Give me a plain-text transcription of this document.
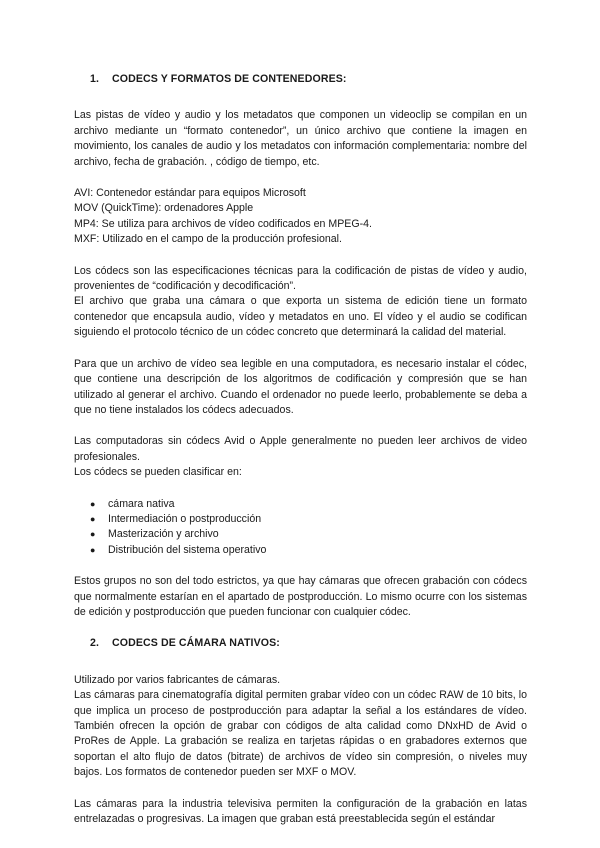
1.	CODECS Y FORMATOS DE CONTENEDORES:

Las pistas de vídeo y audio y los metadatos que componen un videoclip se compilan en un archivo mediante un “formato contenedor”, un único archivo que contiene la imagen en movimiento, los canales de audio y los metadatos con información complementaria: nombre del archivo, fecha de grabación. , código de tiempo, etc.

AVI: Contenedor estándar para equipos Microsoft
MOV (QuickTime): ordenadores Apple
MP4: Se utiliza para archivos de vídeo codificados en MPEG-4.
MXF: Utilizado en el campo de la producción profesional.

Los códecs son las especificaciones técnicas para la codificación de pistas de vídeo y audio, provenientes de “codificación y decodificación”.

El archivo que graba una cámara o que exporta un sistema de edición tiene un formato contenedor que encapsula audio, vídeo y metadatos en uno. El vídeo y el audio se codifican siguiendo el protocolo técnico de un códec concreto que determinará la calidad del material.

Para que un archivo de vídeo sea legible en una computadora, es necesario instalar el códec, que contiene una descripción de los algoritmos de codificación y compresión que se han utilizado al generar el archivo. Cuando el ordenador no puede leerlo, probablemente se deba a que no tiene instalados los códecs adecuados.

Las computadoras sin códecs Avid o Apple generalmente no pueden leer archivos de video profesionales.

Los códecs se pueden clasificar en:

●	cámara nativa
●	Intermediación o postproducción
●	Masterización y archivo
●	Distribución del sistema operativo

Estos grupos no son del todo estrictos, ya que hay cámaras que ofrecen grabación con códecs que normalmente estarían en el apartado de postproducción. Lo mismo ocurre con los sistemas de edición y postproducción que pueden funcionar con cualquier códec.

2.	CODECS DE CÁMARA NATIVOS:

Utilizado por varios fabricantes de cámaras.

Las cámaras para cinematografía digital permiten grabar vídeo con un códec RAW de 10 bits, lo que implica un proceso de postproducción para adaptar la señal a los estándares de vídeo. También ofrecen la opción de grabar con códigos de alta calidad como DNxHD de Avid o ProRes de Apple. La grabación se realiza en tarjetas rápidas o en grabadores externos que soportan el alto flujo de datos (bitrate) de archivos de vídeo sin compresión, o niveles muy bajos. Los formatos de contenedor pueden ser MXF o MOV.

Las cámaras para la industria televisiva permiten la configuración de la grabación en latas entrelazadas o progresivas. La imagen que graban está preestablecida según el estándar
